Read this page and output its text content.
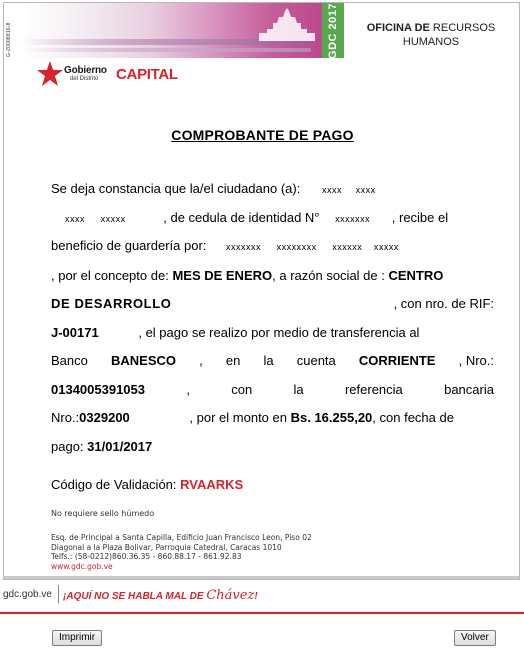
G-20008816-8	GDC 2017	OFICINA DE RECURSOS
HUMANOS
Gobierno
del Distrito CAPITAL
COMPROBANTE DE PAGO
Se deja constancia que la/el ciudadano (a): xxxx xxxx
xxxx xxxxx	, de cedula de identidad N° xxxxxxx , recibe el
beneficio de guardería por: xxxxxxx xxxxxxxx xxxxxx xxxxx
, por el concepto de: MES DE ENERO, a razón social de : CENTRO
DE DESARROLLO	, con nro. de RIF:
J-00171	, el pago se realizo por medio de transferencia al
Banco BANESCO , en la cuenta CORRIENTE , Nro.:
0134005391053	,	con	la	referencia	bancaria
Nro.:0329200	, por el monto en Bs. 16.255,20, con fecha de
pago: 31/01/2017
Código de Validación: RVAARKS
No requiere sello húmedo
Esq. de Principal a Santa Capilla, Edificio Juan Francisco Leon, Piso 02
Diagonal a la Plaza Bolivar, Parroquia Catedral, Caracas 1010
Telfs.: (58-0212)860.36.35 - 860.88.17 - 861.92.83
www.gdc.gob.ve
gdc.gob.ve ¡AQUÍ NO SE HABLA MAL DE Chávez!
Imprimir	Volver
